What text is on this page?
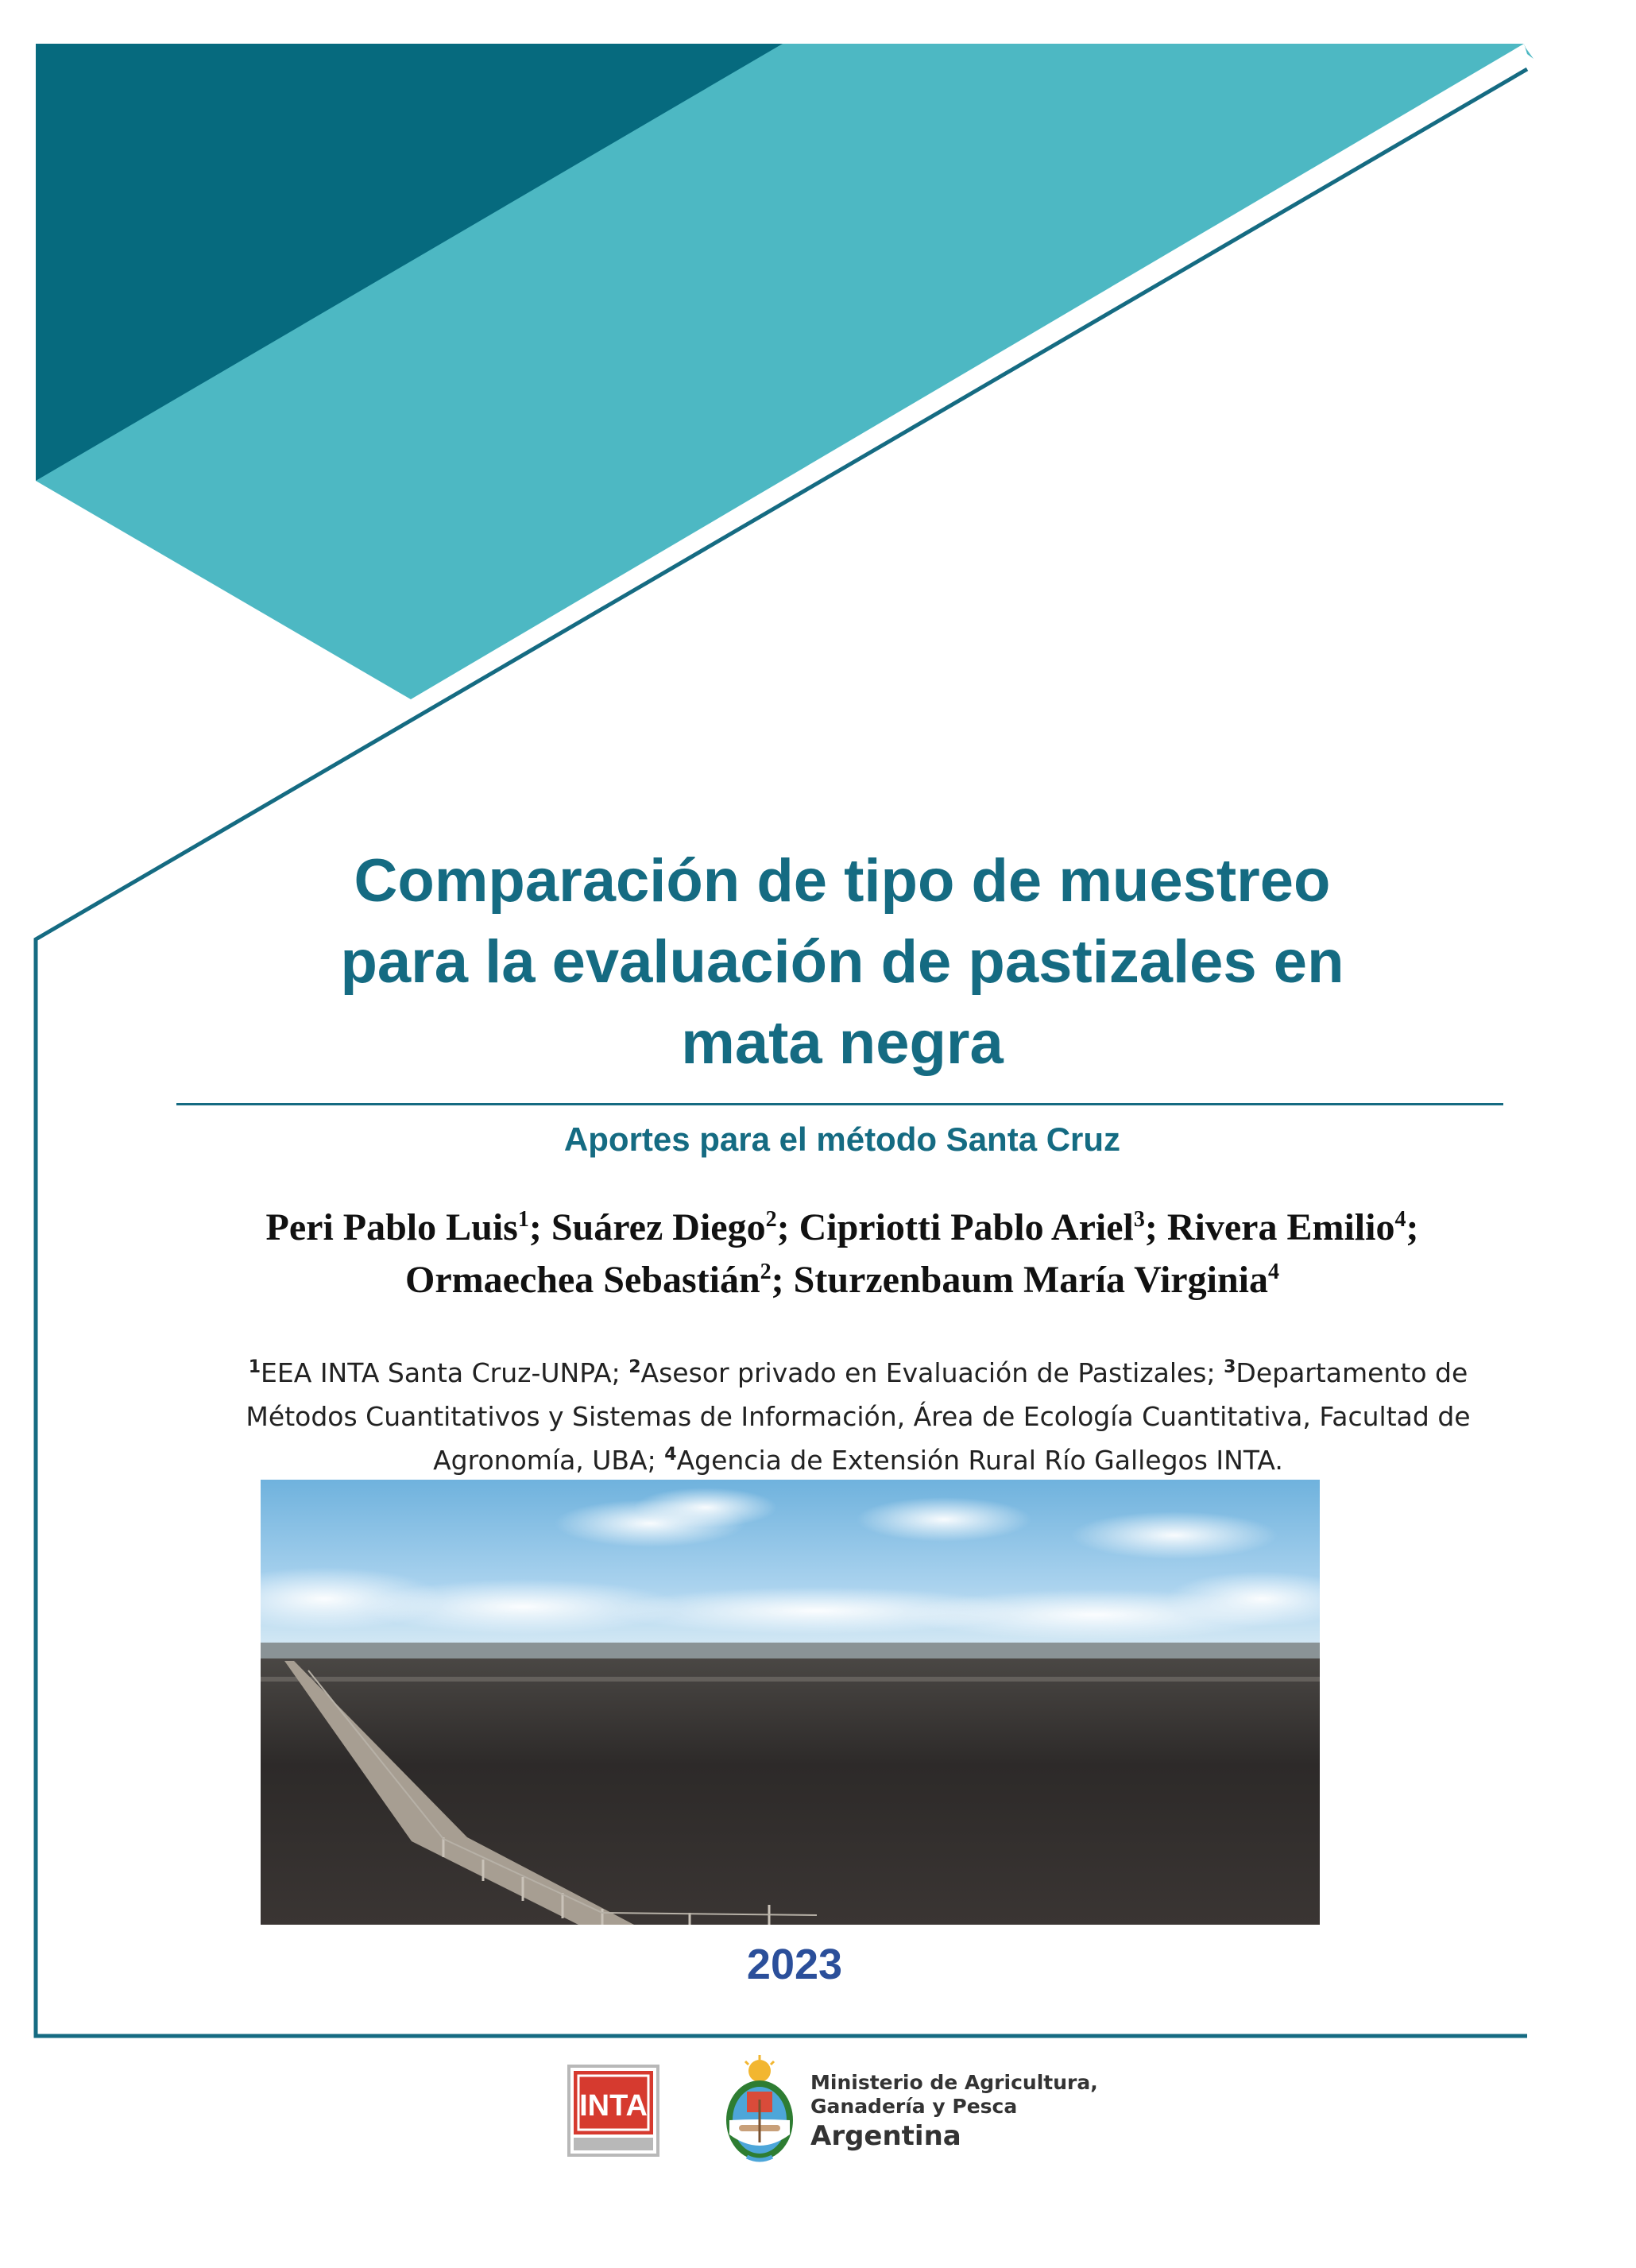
Comparación de tipo de muestreo
para la evaluación de pastizales en
mata negra
Aportes para el método Santa Cruz
Peri Pablo Luis$^1$; Suárez Diego$^2$; Cipriotti Pablo Ariel$^3$; Rivera Emilio$^4$;
Ormaechea Sebastián$^2$; Sturzenbaum María Virginia$^4$
$^1$EEA INTA Santa Cruz-UNPA; $^2$Asesor privado en Evaluación de Pastizales; $^3$Departamento de
Métodos Cuantitativos y Sistemas de Información, Área de Ecología Cuantitativa, Facultad de
Agronomía, UBA; $^4$Agencia de Extensión Rural Río Gallegos INTA.
2023
INTA
Ministerio de Agricultura,
Ganadería y Pesca
Argentina
